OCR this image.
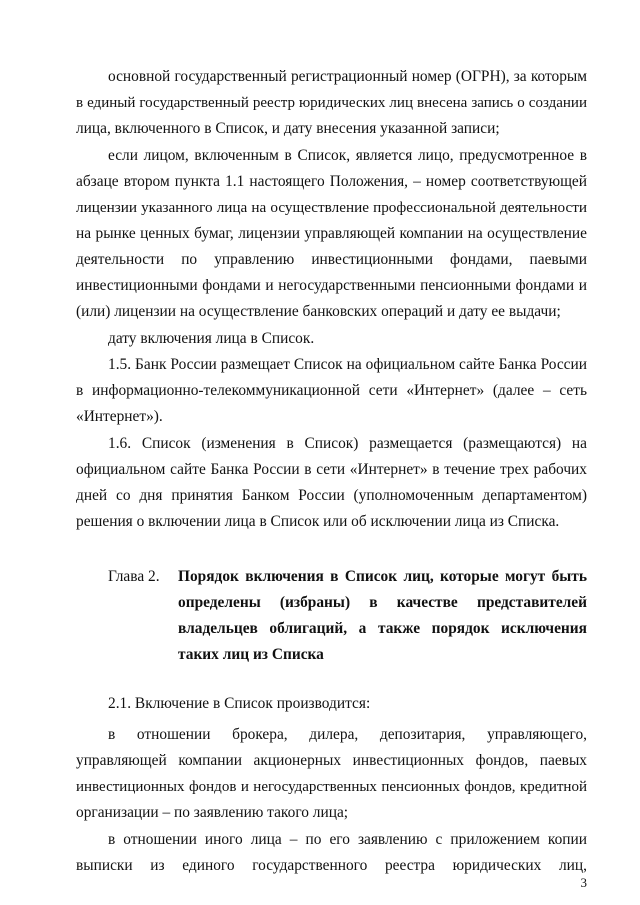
основной государственный регистрационный номер (ОГРН), за которым
в единый государственный реестр юридических лиц внесена запись о создании
лица, включенного в Список, и дату внесения указанной записи;
если лицом, включенным в Список, является лицо, предусмотренное в
абзаце втором пункта 1.1 настоящего Положения, – номер соответствующей
лицензии указанного лица на осуществление профессиональной деятельности
на рынке ценных бумаг, лицензии управляющей компании на осуществление
деятельности по управлению инвестиционными фондами, паевыми
инвестиционными фондами и негосударственными пенсионными фондами и
(или) лицензии на осуществление банковских операций и дату ее выдачи;
дату включения лица в Список.
1.5. Банк России размещает Список на официальном сайте Банка России
в информационно-телекоммуникационной сети «Интернет» (далее – сеть
«Интернет»).
1.6. Список (изменения в Список) размещается (размещаются) на
официальном сайте Банка России в сети «Интернет» в течение трех рабочих
дней со дня принятия Банком России (уполномоченным департаментом)
решения о включении лица в Список или об исключении лица из Списка.
Глава 2. Порядок включения в Список лиц, которые могут быть
определены (избраны) в качестве представителей
владельцев облигаций, а также порядок исключения
таких лиц из Списка
2.1. Включение в Список производится:
в отношении брокера, дилера, депозитария, управляющего,
управляющей компании акционерных инвестиционных фондов, паевых
инвестиционных фондов и негосударственных пенсионных фондов, кредитной
организации – по заявлению такого лица;
в отношении иного лица – по его заявлению с приложением копии
выписки из единого государственного реестра юридических лиц,
3
